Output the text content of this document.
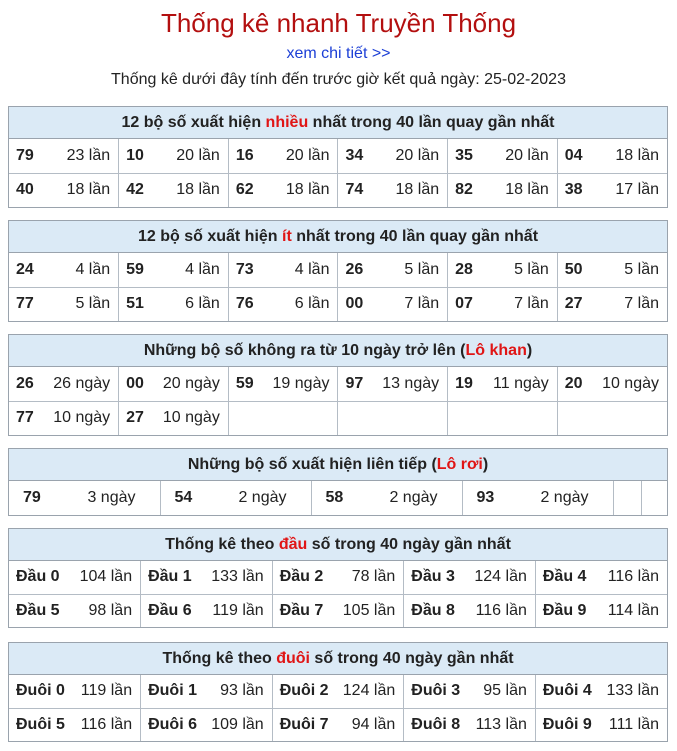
Thống kê nhanh Truyền Thống
xem chi tiết >>
Thống kê dưới đây tính đến trước giờ kết quả ngày: 25-02-2023
12 bộ số xuất hiện nhiều nhất trong 40 lần quay gần nhất
79 23 lần	10 20 lần	16 20 lần	34 20 lần	35 20 lần	04 18 lần

40 18 lần	42 18 lần	62 18 lần	74 18 lần	82 18 lần	38 17 lần
12 bộ số xuất hiện ít nhất trong 40 lần quay gần nhất
24 4 lần	59 4 lần	73 4 lần	26 5 lần	28 5 lần	50 5 lần

77 5 lần	51 6 lần	76 6 lần	00 7 lần	07 7 lần	27 7 lần
Những bộ số không ra từ 10 ngày trở lên (Lô khan)
26 26 ngày	00 20 ngày	59 19 ngày	97 13 ngày	19 11 ngày	20 10 ngày

77 10 ngày	27 10 ngày				

Những bộ số xuất hiện liên tiếp (Lô rơi)
79	3 ngày	54	2 ngày	58	2 ngày	93	2 ngày

Thống kê theo đầu số trong 40 ngày gần nhất
Đầu 0 104 lần	Đầu 1 133 lần	Đầu 2 78 lần	Đầu 3 124 lần	Đầu 4 116 lần

Đầu 5 98 lần	Đầu 6 119 lần	Đầu 7 105 lần	Đầu 8 116 lần	Đầu 9 114 lần
Thống kê theo đuôi số trong 40 ngày gần nhất
Đuôi 0 119 lần	Đuôi 1 93 lần	Đuôi 2 124 lần	Đuôi 3 95 lần	Đuôi 4 133 lần

Đuôi 5 116 lần	Đuôi 6 109 lần	Đuôi 7 94 lần	Đuôi 8 113 lần	Đuôi 9 111 lần
